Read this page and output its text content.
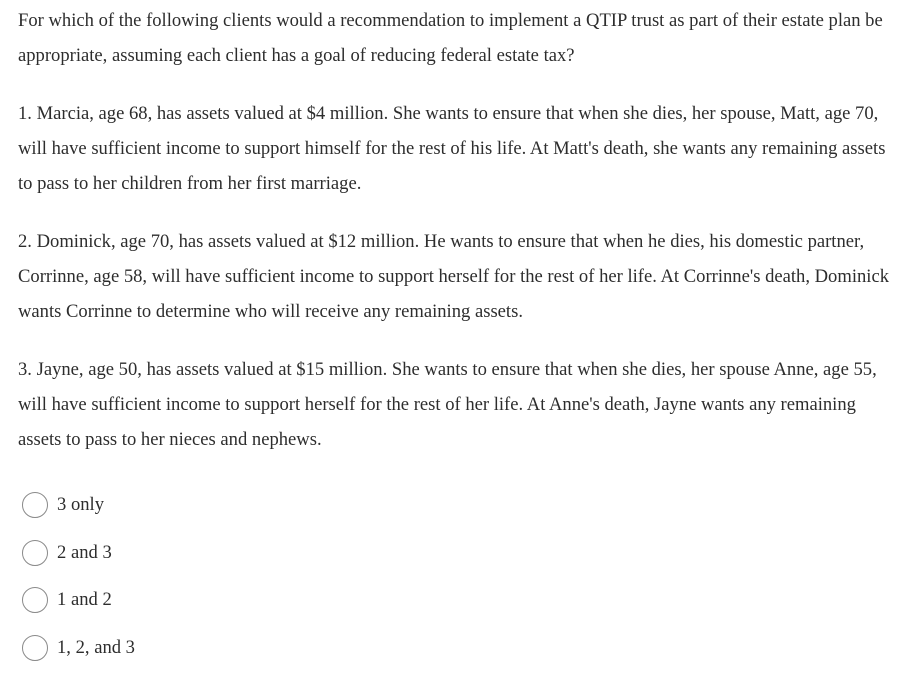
For which of the following clients would a recommendation to implement a QTIP trust as part of their estate plan be appropriate, assuming each client has a goal of reducing federal estate tax?

1. Marcia, age 68, has assets valued at $4 million. She wants to ensure that when she dies, her spouse, Matt, age 70, will have sufficient income to support himself for the rest of his life. At Matt's death, she wants any remaining assets to pass to her children from her first marriage.

2. Dominick, age 70, has assets valued at $12 million. He wants to ensure that when he dies, his domestic partner, Corrinne, age 58, will have sufficient income to support herself for the rest of her life. At Corrinne's death, Dominick wants Corrinne to determine who will receive any remaining assets.

3. Jayne, age 50, has assets valued at $15 million. She wants to ensure that when she dies, her spouse Anne, age 55, will have sufficient income to support herself for the rest of her life. At Anne's death, Jayne wants any remaining assets to pass to her nieces and nephews.

3 only
2 and 3
1 and 2
1, 2, and 3
